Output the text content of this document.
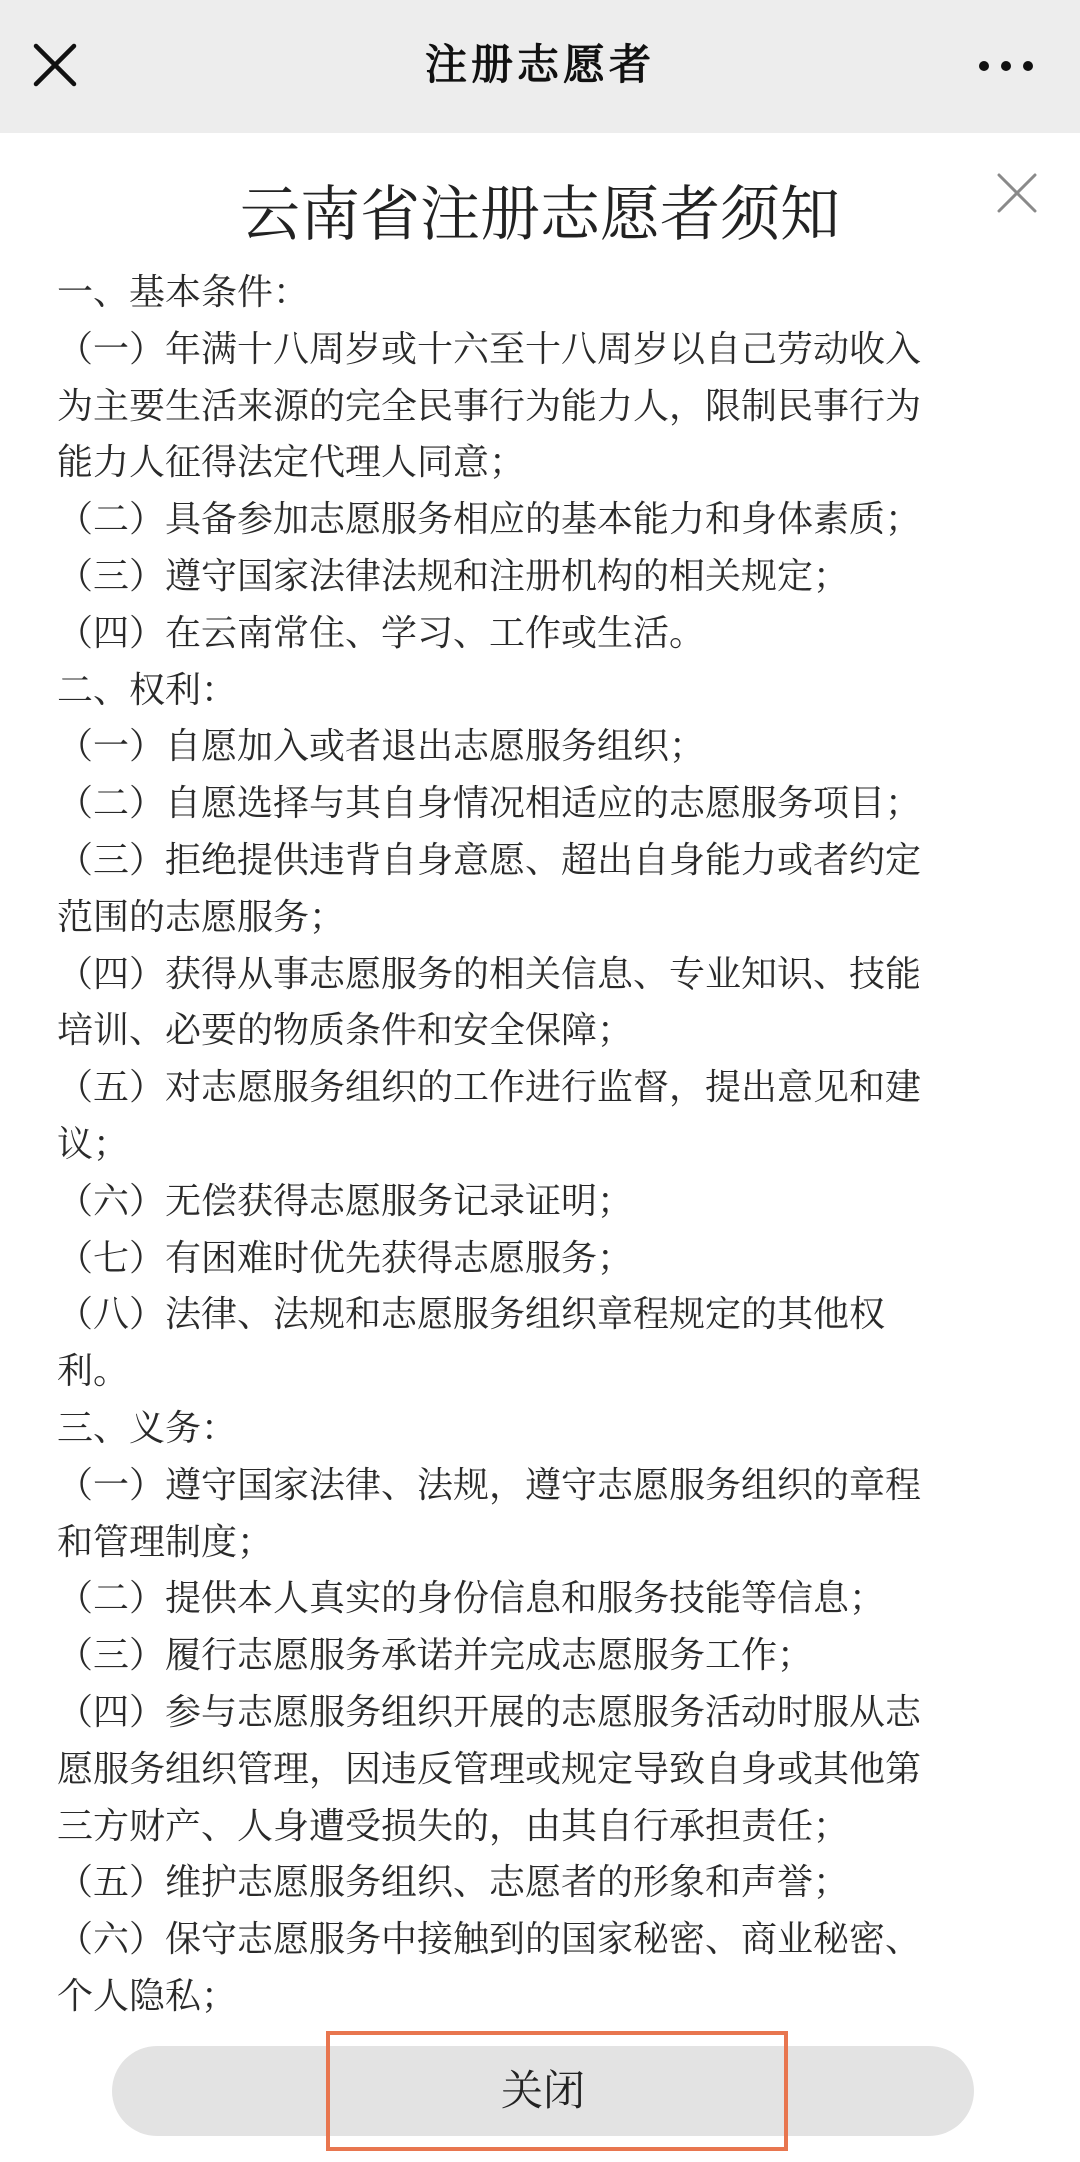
注册志愿者
云南省注册志愿者须知
一、基本条件：
（一）年满十八周岁或十六至十八周岁以自己劳动收入
为主要生活来源的完全民事行为能力人，限制民事行为
能力人征得法定代理人同意；
（二）具备参加志愿服务相应的基本能力和身体素质；
（三）遵守国家法律法规和注册机构的相关规定；
（四）在云南常住、学习、工作或生活。
二、权利：
（一）自愿加入或者退出志愿服务组织；
（二）自愿选择与其自身情况相适应的志愿服务项目；
（三）拒绝提供违背自身意愿、超出自身能力或者约定
范围的志愿服务；
（四）获得从事志愿服务的相关信息、专业知识、技能
培训、必要的物质条件和安全保障；
（五）对志愿服务组织的工作进行监督，提出意见和建
议；
（六）无偿获得志愿服务记录证明；
（七）有困难时优先获得志愿服务；
（八）法律、法规和志愿服务组织章程规定的其他权
利。
三、义务：
（一）遵守国家法律、法规，遵守志愿服务组织的章程
和管理制度；
（二）提供本人真实的身份信息和服务技能等信息；
（三）履行志愿服务承诺并完成志愿服务工作；
（四）参与志愿服务组织开展的志愿服务活动时服从志
愿服务组织管理，因违反管理或规定导致自身或其他第
三方财产、人身遭受损失的，由其自行承担责任；
（五）维护志愿服务组织、志愿者的形象和声誉；
（六）保守志愿服务中接触到的国家秘密、商业秘密、
个人隐私；
关闭
